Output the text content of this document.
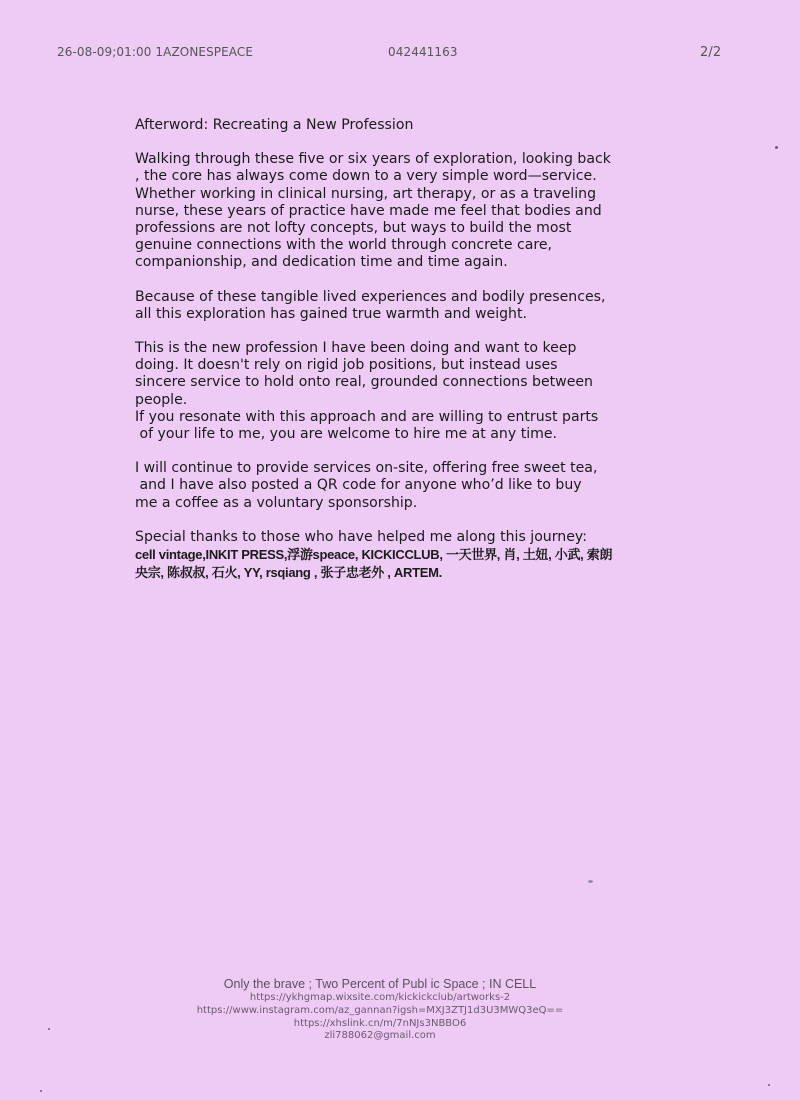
26-08-09;01:00 1AZONESPEACE	042441163	2/2

Afterword: Recreating a New Profession

Walking through these five or six years of exploration, looking back
, the core has always come down to a very simple word—service.
Whether working in clinical nursing, art therapy, or as a traveling
nurse, these years of practice have made me feel that bodies and
professions are not lofty concepts, but ways to build the most
genuine connections with the world through concrete care,
companionship, and dedication time and time again.

Because of these tangible lived experiences and bodily presences,
all this exploration has gained true warmth and weight.

This is the new profession I have been doing and want to keep
doing. It doesn't rely on rigid job positions, but instead uses
sincere service to hold onto real, grounded connections between
people.

If you resonate with this approach and are willing to entrust parts
of your life to me, you are welcome to hire me at any time.

I will continue to provide services on-site, offering free sweet tea,
and I have also posted a QR code for anyone who’d like to buy
me a coffee as a voluntary sponsorship.

Special thanks to those who have helped me along this journey:

cell vintage,INKIT PRESS,浮游speace, KICKICCLUB, 一天世界, 肖, 土妞, 小武, 索朗
央宗, 陈叔叔, 石火, YY, rsqiang , 张子忠老外 , ARTEM.
Only the brave ; Two Percent of Publ ic Space ; IN CELL
https://ykhgmap.wixsite.com/kickickclub/artworks-2
https://www.instagram.com/az_gannan?igsh=MXJ3ZTJ1d3U3MWQ3eQ==
https://xhslink.cn/m/7nNJs3NBBO6
zli788062@gmail.com
